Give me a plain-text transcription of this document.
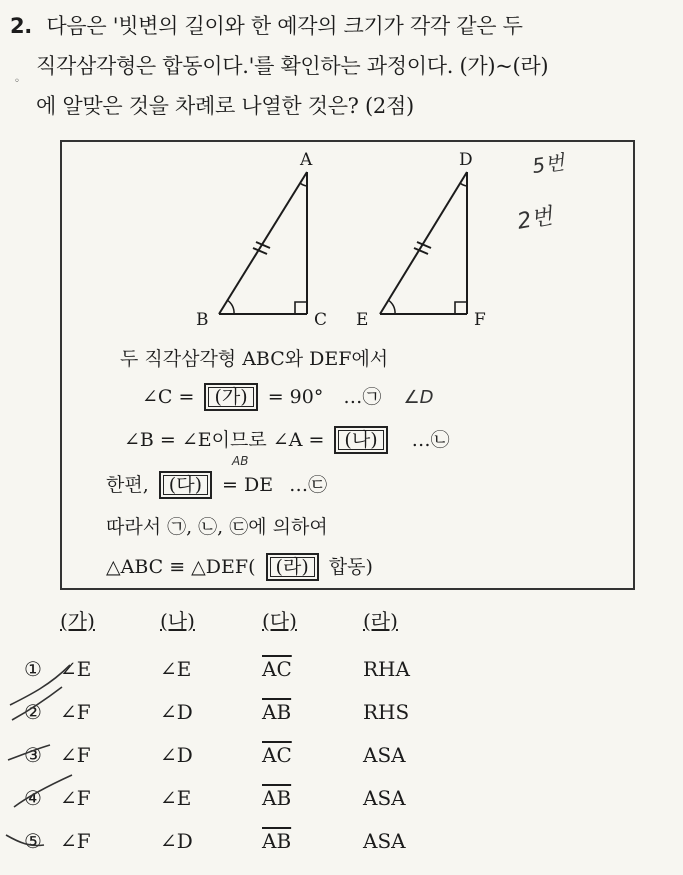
2. 다음은 '빗변의 길이와 한 예각의 크기가 각각 같은 두
◦
직각삼각형은 합동이다.'를 확인하는 과정이다. (가)~(라)
에 알맞은 것을 차례로 나열한 것은? (2점)
A
B	C
D
E	F
5번
2번
두 직각삼각형 ABC와 DEF에서
∠C = (가) = 90° …㉠ ∠D
∠B = ∠E이므로 ∠A = (나) …㉡
한편, (다) = DE …㉢
AB
따라서 ㉠, ㉡, ㉢에 의하여
△ABC ≡ △DEF( (라) 합동)
(가)	(나)	(다)	(라)
① ∠E	∠E	$\overline{AC}$	RHA
② ∠F	∠D	$\overline{AB}$	RHS
③ ∠F	∠D	$\overline{AC}$	ASA
④ ∠F	∠E	$\overline{AB}$	ASA
⑤ ∠F	∠D	$\overline{AB}$	ASA
